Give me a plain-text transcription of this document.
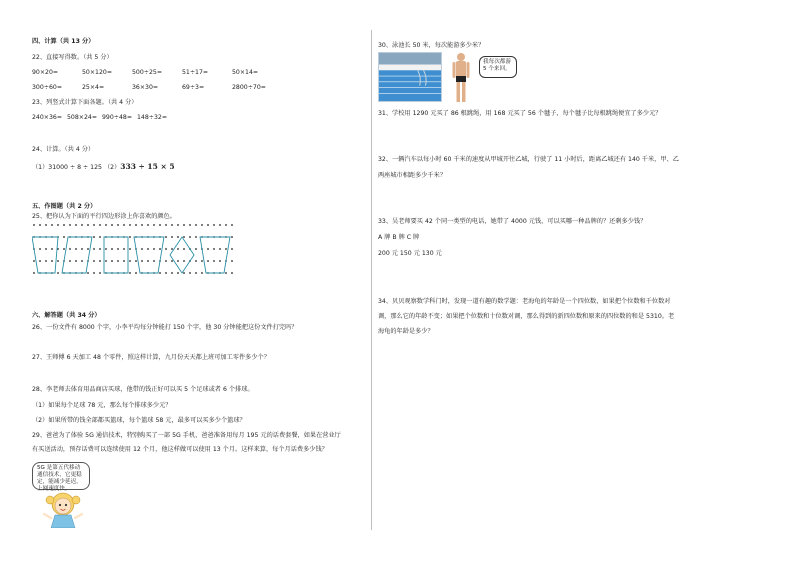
四、计算（共 13 分）
22、直接写得数。（共 5 分）
90×20=	50×120=	500÷25=	51÷17=	50×14=
300÷60=	25×4=	36×30=	69÷3=	2800÷70=
23、列竖式计算下面各题。（共 4 分）
240×36= 508×24= 990÷48= 148÷32=
24、计算。（共 4 分）
（1）31000 ÷ 8 ÷ 125 （2）333 ÷ 15 × 5
五、作图题（共 2 分）
25、把你认为下面的平行四边形涂上你喜欢的颜色。
六、解答题（共 34 分）
26、一份文件有 8000 个字，小李平均每分钟能打 150 个字，他 30 分钟能把这份文件打完吗？
27、王师傅 6 天加工 48 个零件，照这样计算，九月份天天都上班可加工零件多少个？
28、李老师去体育用品商店买球，他带的钱正好可以买 5 个足球或者 6 个排球。
（1）如果每个足球 78 元，那么每个排球多少元？
（2）如果所带的钱全部都买篮球，每个篮球 58 元，最多可以买多少个篮球？
29、爸爸为了体验 5G 通信技术，特别购买了一部 5G 手机，爸爸准备用每月 195 元的话费套餐，如果在营业厅
有买送活动，预存话费可以连续使用 12 个月，他这样做可以使用 13 个月。这样来算，每个月话费多少钱？
5G 是第五代移动通信技术，它更稳定，能减少延迟，上网速度快。
30、泳池长 50 米，每次能游多少米？
我每次都游 5 个来回。
31、学校用 1290 元买了 86 根跳绳，用 168 元买了 56 个毽子，每个毽子比每根跳绳便宜了多少元？
32、一辆汽车以每小时 60 千米的速度从甲城开往乙城，行驶了 11 小时后，距离乙城还有 140 千米，甲、乙
两座城市相距多少千米？
33、吴老师要买 42 个同一类型的电话，她带了 4000 元钱，可以买哪一种品牌的？还剩多少钱？
A 牌 B 牌 C 牌
200 元 150 元 130 元
34、贝贝观察数学科门时，发现一道有趣的数学题：老海龟的年龄是一个四位数，如果把个位数和千位数对
调，那么它的年龄不变；如果把个位数和十位数对调，那么得到的新四位数和原来的四位数的和是 5310。老
海龟的年龄是多少？
